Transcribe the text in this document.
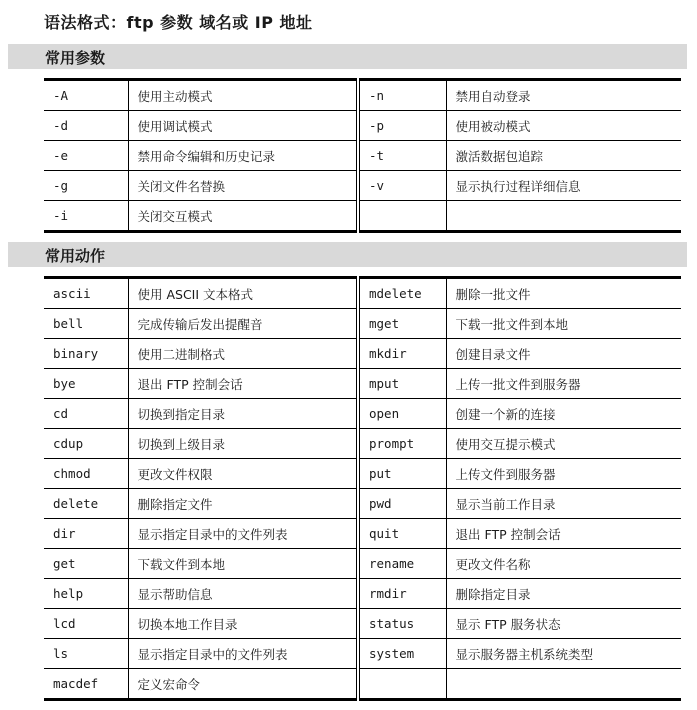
语法格式：ftp 参数 域名或 IP 地址
常用参数
-A	使用主动模式	-n	禁用自动登录
-d	使用调试模式	-p	使用被动模式
-e	禁用命令编辑和历史记录	-t	激活数据包追踪
-g	关闭文件名替换	-v	显示执行过程详细信息
-i	关闭交互模式		
常用动作
ascii	使用 ASCII 文本格式	mdelete	删除一批文件
bell	完成传输后发出提醒音	mget	下载一批文件到本地
binary	使用二进制格式	mkdir	创建目录文件
bye	退出 FTP 控制会话	mput	上传一批文件到服务器
cd	切换到指定目录	open	创建一个新的连接
cdup	切换到上级目录	prompt	使用交互提示模式
chmod	更改文件权限	put	上传文件到服务器
delete	删除指定文件	pwd	显示当前工作目录
dir	显示指定目录中的文件列表	quit	退出 FTP 控制会话
get	下载文件到本地	rename	更改文件名称
help	显示帮助信息	rmdir	删除指定目录
lcd	切换本地工作目录	status	显示 FTP 服务状态
ls	显示指定目录中的文件列表	system	显示服务器主机系统类型
macdef	定义宏命令		
